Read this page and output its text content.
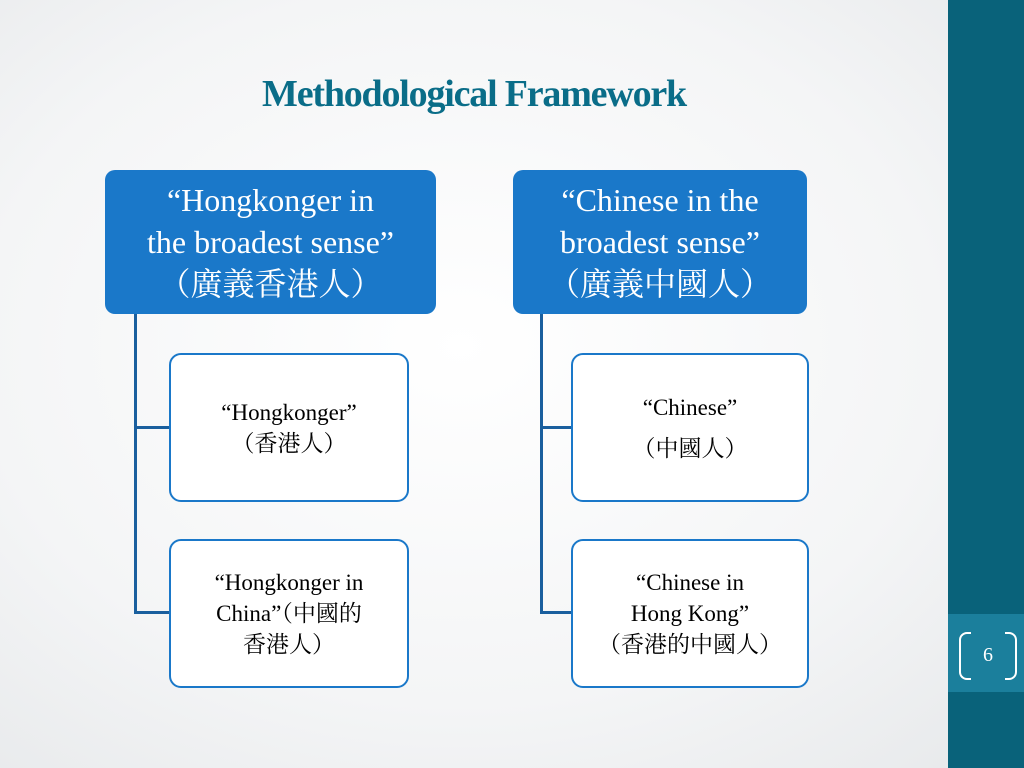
6
Methodological Framework
“Hongkonger in
the broadest sense”
（廣義香港人）
“Hongkonger”
（香港人）
“Hongkonger in
China”（中國的
香港人）
“Chinese in the
broadest sense”
（廣義中國人）
“Chinese”
（中國人）
“Chinese in
Hong Kong”
（香港的中國人）
